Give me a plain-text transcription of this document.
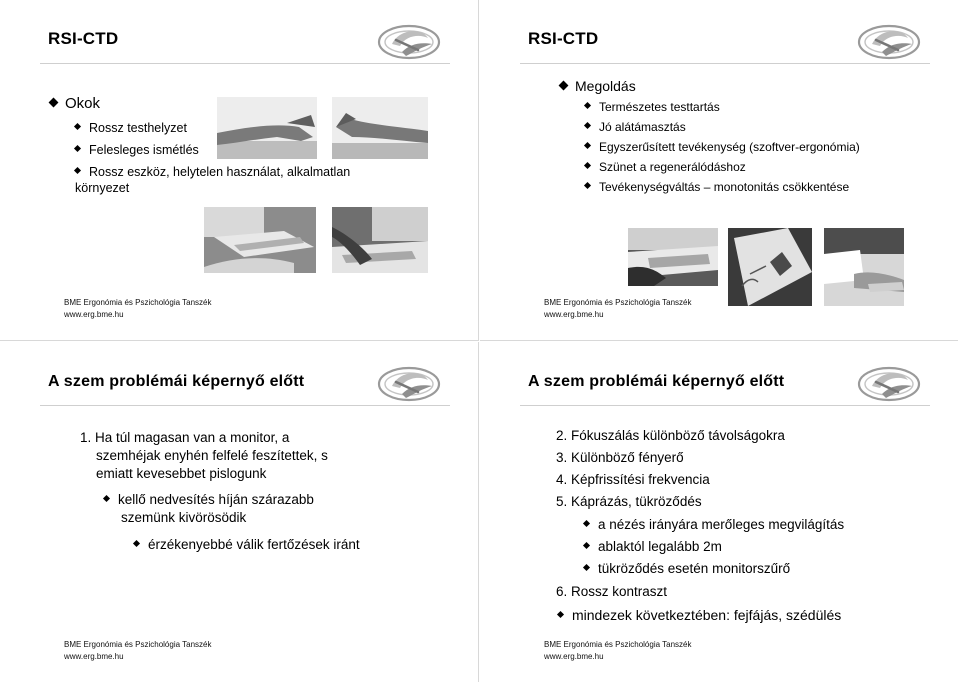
RSI-CTD
Okok
Rossz testhelyzet
Felesleges ismétlés
Rossz eszköz, helytelen használat, alkalmatlan
környezet
BME Ergonómia és Pszichológia Tanszék
www.erg.bme.hu
RSI-CTD
Megoldás
Természetes testtartás
Jó alátámasztás
Egyszerűsített tevékenység (szoftver-ergonómia)
Szünet a regenerálódáshoz
Tevékenységváltás – monotonitás csökkentése
BME Ergonómia és Pszichológia Tanszék
www.erg.bme.hu
A szem problémái képernyő előtt
1. Ha túl magasan van a monitor, a
szemhéjak enyhén felfelé feszítettek, s
emiatt kevesebbet pislogunk
kellő nedvesítés híján szárazabb
szemünk kivörösödik
érzékenyebbé válik fertőzések iránt
BME Ergonómia és Pszichológia Tanszék
www.erg.bme.hu
A szem problémái képernyő előtt
2. Fókuszálás különböző távolságokra
3. Különböző fényerő
4. Képfrissítési frekvencia
5. Káprázás, tükröződés
a nézés irányára merőleges megvilágítás
ablaktól legalább 2m
tükröződés esetén monitorszűrő
6. Rossz kontraszt
mindezek következtében: fejfájás, szédülés
BME Ergonómia és Pszichológia Tanszék
www.erg.bme.hu
